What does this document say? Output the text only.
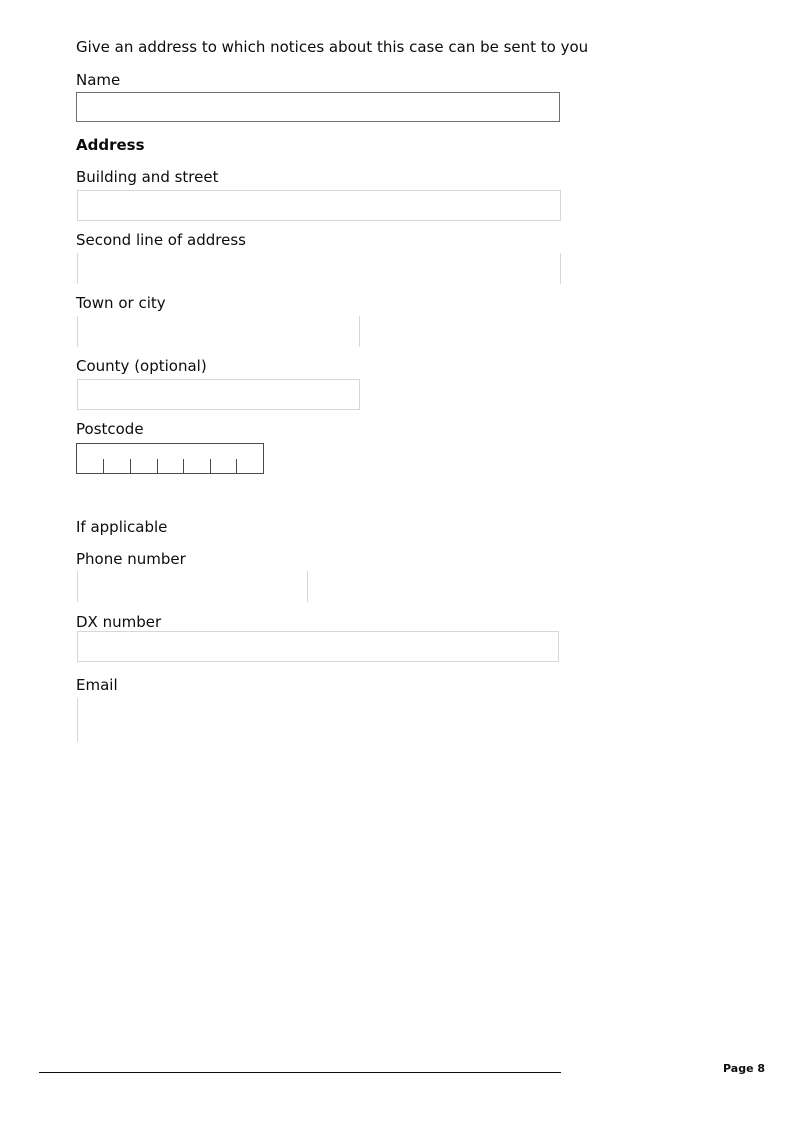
Give an address to which notices about this case can be sent to you
Name
Address
Building and street
Second line of address
Town or city
County (optional)
Postcode
If applicable
Phone number
DX number
Email
Page 8
